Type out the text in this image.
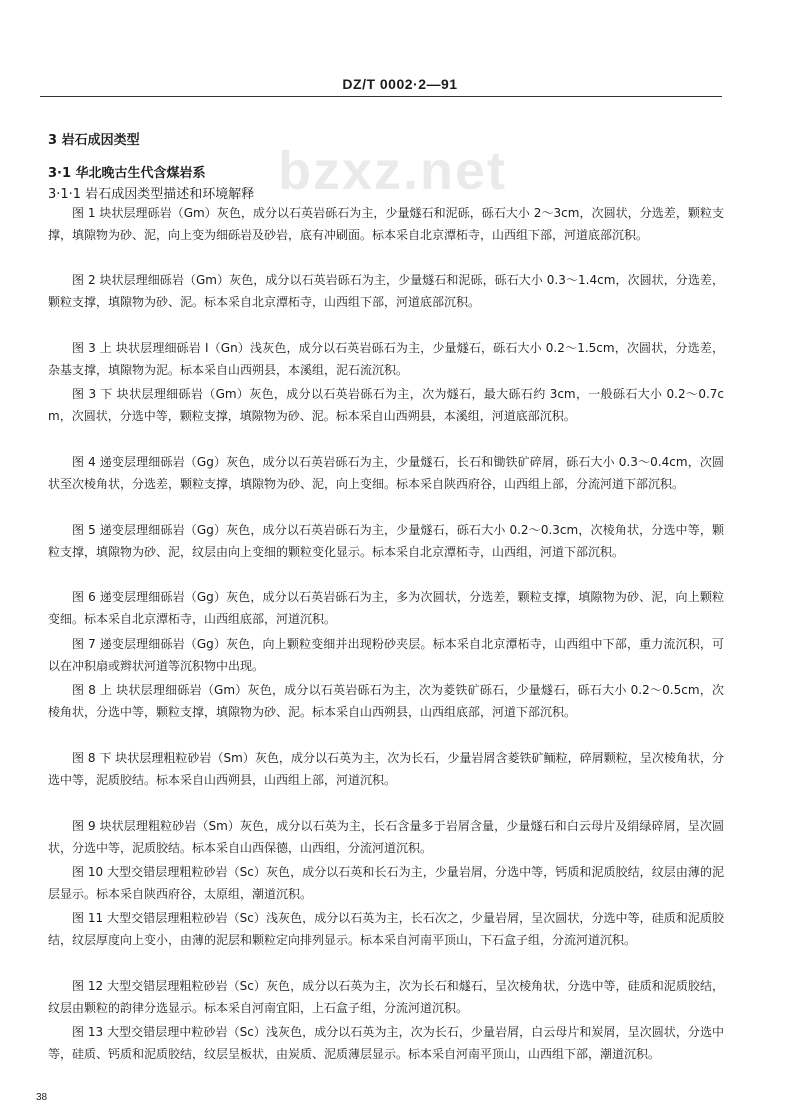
DZ/T 0002·2—91
bzxz.net
3 岩石成因类型
3·1 华北晚古生代含煤岩系
3·1·1 岩石成因类型描述和环境解释
图 1 块状层理砾岩（Gm）灰色，成分以石英岩砾石为主，少量燧石和泥砾，砾石大小 2～3cm，次圆状，分选差，颗粒支撑，填隙物为砂、泥，向上变为细砾岩及砂岩，底有冲刷面。标本采自北京潭柘寺，山西组下部，河道底部沉积。
图 2 块状层理细砾岩（Gm）灰色，成分以石英岩砾石为主，少量燧石和泥砾，砾石大小 0.3～1.4cm，次圆状，分选差，颗粒支撑，填隙物为砂、泥。标本采自北京潭柘寺，山西组下部，河道底部沉积。
图 3 上 块状层理细砾岩 Ⅰ（Gn）浅灰色，成分以石英岩砾石为主，少量燧石，砾石大小 0.2～1.5cm，次圆状，分选差，杂基支撑，填隙物为泥。标本采自山西朔县，本溪组，泥石流沉积。
图 3 下 块状层理细砾岩（Gm）灰色，成分以石英岩砾石为主，次为燧石，最大砾石约 3cm，一般砾石大小 0.2～0.7cm，次圆状，分选中等，颗粒支撑，填隙物为砂、泥。标本采自山西朔县，本溪组，河道底部沉积。
图 4 递变层理细砾岩（Gg）灰色，成分以石英岩砾石为主，少量燧石，长石和锄铁矿碎屑，砾石大小 0.3～0.4cm，次圆状至次棱角状，分选差，颗粒支撑，填隙物为砂、泥，向上变细。标本采自陕西府谷，山西组上部，分流河道下部沉积。
图 5 递变层理细砾岩（Gg）灰色，成分以石英岩砾石为主，少量燧石，砾石大小 0.2～0.3cm，次棱角状，分选中等，颗粒支撑，填隙物为砂、泥，纹层由向上变细的颗粒变化显示。标本采自北京潭柘寺，山西组，河道下部沉积。
图 6 递变层理细砾岩（Gg）灰色，成分以石英岩砾石为主，多为次圆状，分选差，颗粒支撑，填隙物为砂、泥，向上颗粒变细。标本采自北京潭柘寺，山西组底部，河道沉积。
图 7 递变层理细砾岩（Gg）灰色，向上颗粒变细并出现粉砂夹层。标本采自北京潭柘寺，山西组中下部，重力流沉积，可以在冲积扇或辫状河道等沉积物中出现。
图 8 上 块状层理细砾岩（Gm）灰色，成分以石英岩砾石为主，次为菱铁矿砾石，少量燧石，砾石大小 0.2～0.5cm，次棱角状，分选中等，颗粒支撑，填隙物为砂、泥。标本采自山西朔县，山西组底部，河道下部沉积。
图 8 下 块状层理粗粒砂岩（Sm）灰色，成分以石英为主，次为长石，少量岩屑含菱铁矿鲕粒，碎屑颗粒，呈次棱角状，分选中等，泥质胶结。标本采自山西朔县，山西组上部，河道沉积。
图 9 块状层理粗粒砂岩（Sm）灰色，成分以石英为主，长石含量多于岩屑含量，少量燧石和白云母片及绢绿碎屑，呈次圆状，分选中等，泥质胶结。标本采自山西保德，山西组，分流河道沉积。
图 10 大型交错层理粗粒砂岩（Sc）灰色，成分以石英和长石为主，少量岩屑，分选中等，钙质和泥质胶结，纹层由薄的泥层显示。标本采自陕西府谷，太原组，潮道沉积。
图 11 大型交错层理粗粒砂岩（Sc）浅灰色，成分以石英为主，长石次之，少量岩屑，呈次圆状，分选中等，硅质和泥质胶结，纹层厚度向上变小，由薄的泥层和颗粒定向排列显示。标本采自河南平顶山，下石盒子组，分流河道沉积。
图 12 大型交错层理粗粒砂岩（Sc）灰色，成分以石英为主，次为长石和燧石，呈次棱角状，分选中等，硅质和泥质胶结，纹层由颗粒的韵律分选显示。标本采自河南宜阳，上石盒子组，分流河道沉积。
图 13 大型交错层理中粒砂岩（Sc）浅灰色，成分以石英为主，次为长石，少量岩屑，白云母片和炭屑，呈次圆状，分选中等，硅质、钙质和泥质胶结，纹层呈板状，由炭质、泥质薄层显示。标本采自河南平顶山，山西组下部，潮道沉积。
38
